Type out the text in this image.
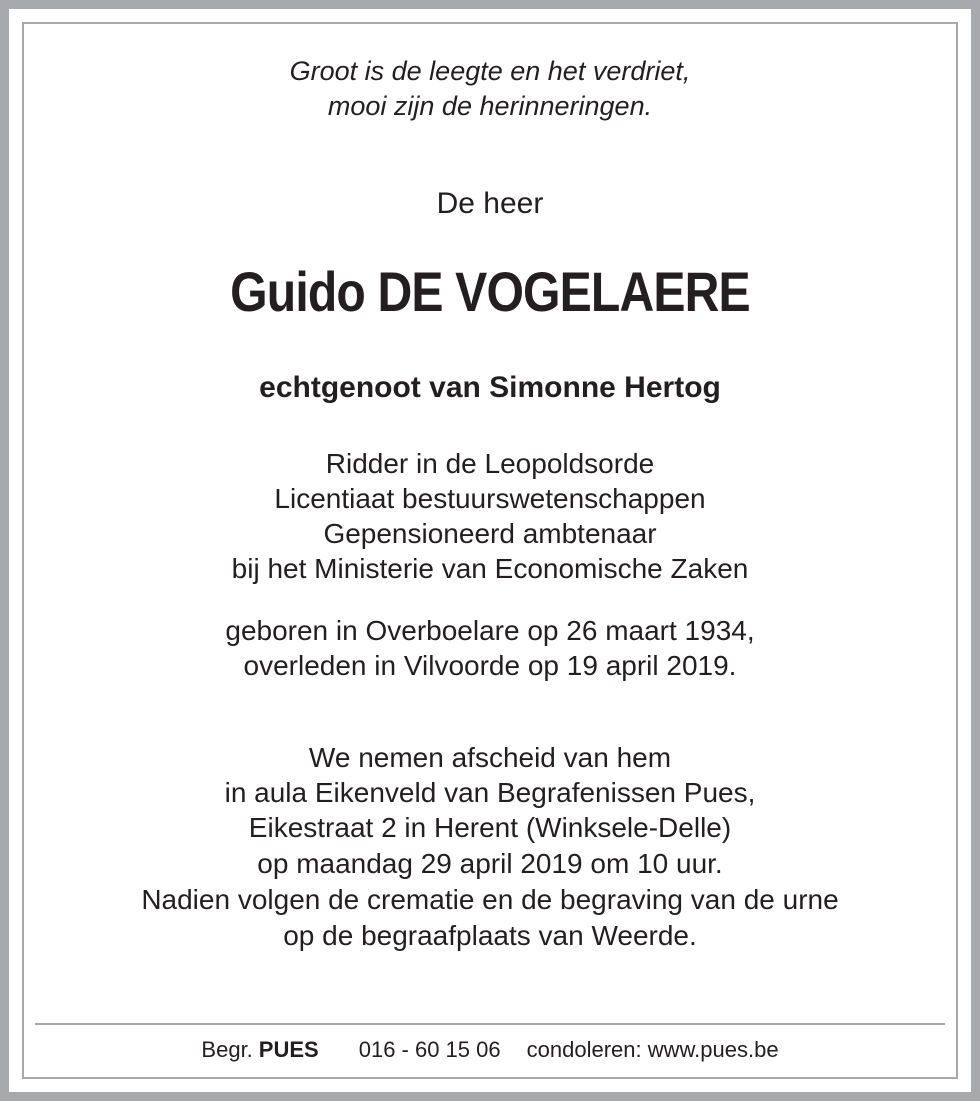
Groot is de leegte en het verdriet,

mooi zijn de herinneringen.

De heer

Guido DE VOGELAERE

echtgenoot van Simonne Hertog

Ridder in de Leopoldsorde

Licentiaat bestuurswetenschappen

Gepensioneerd ambtenaar

bij het Ministerie van Economische Zaken

geboren in Overboelare op 26 maart 1934,

overleden in Vilvoorde op 19 april 2019.

We nemen afscheid van hem

in aula Eikenveld van Begrafenissen Pues,

Eikestraat 2 in Herent (Winksele-Delle)

op maandag 29 april 2019 om 10 uur.

Nadien volgen de crematie en de begraving van de urne

op de begraafplaats van Weerde.

Begr. PUES 016 - 60 15 06 condoleren: www.pues.be
